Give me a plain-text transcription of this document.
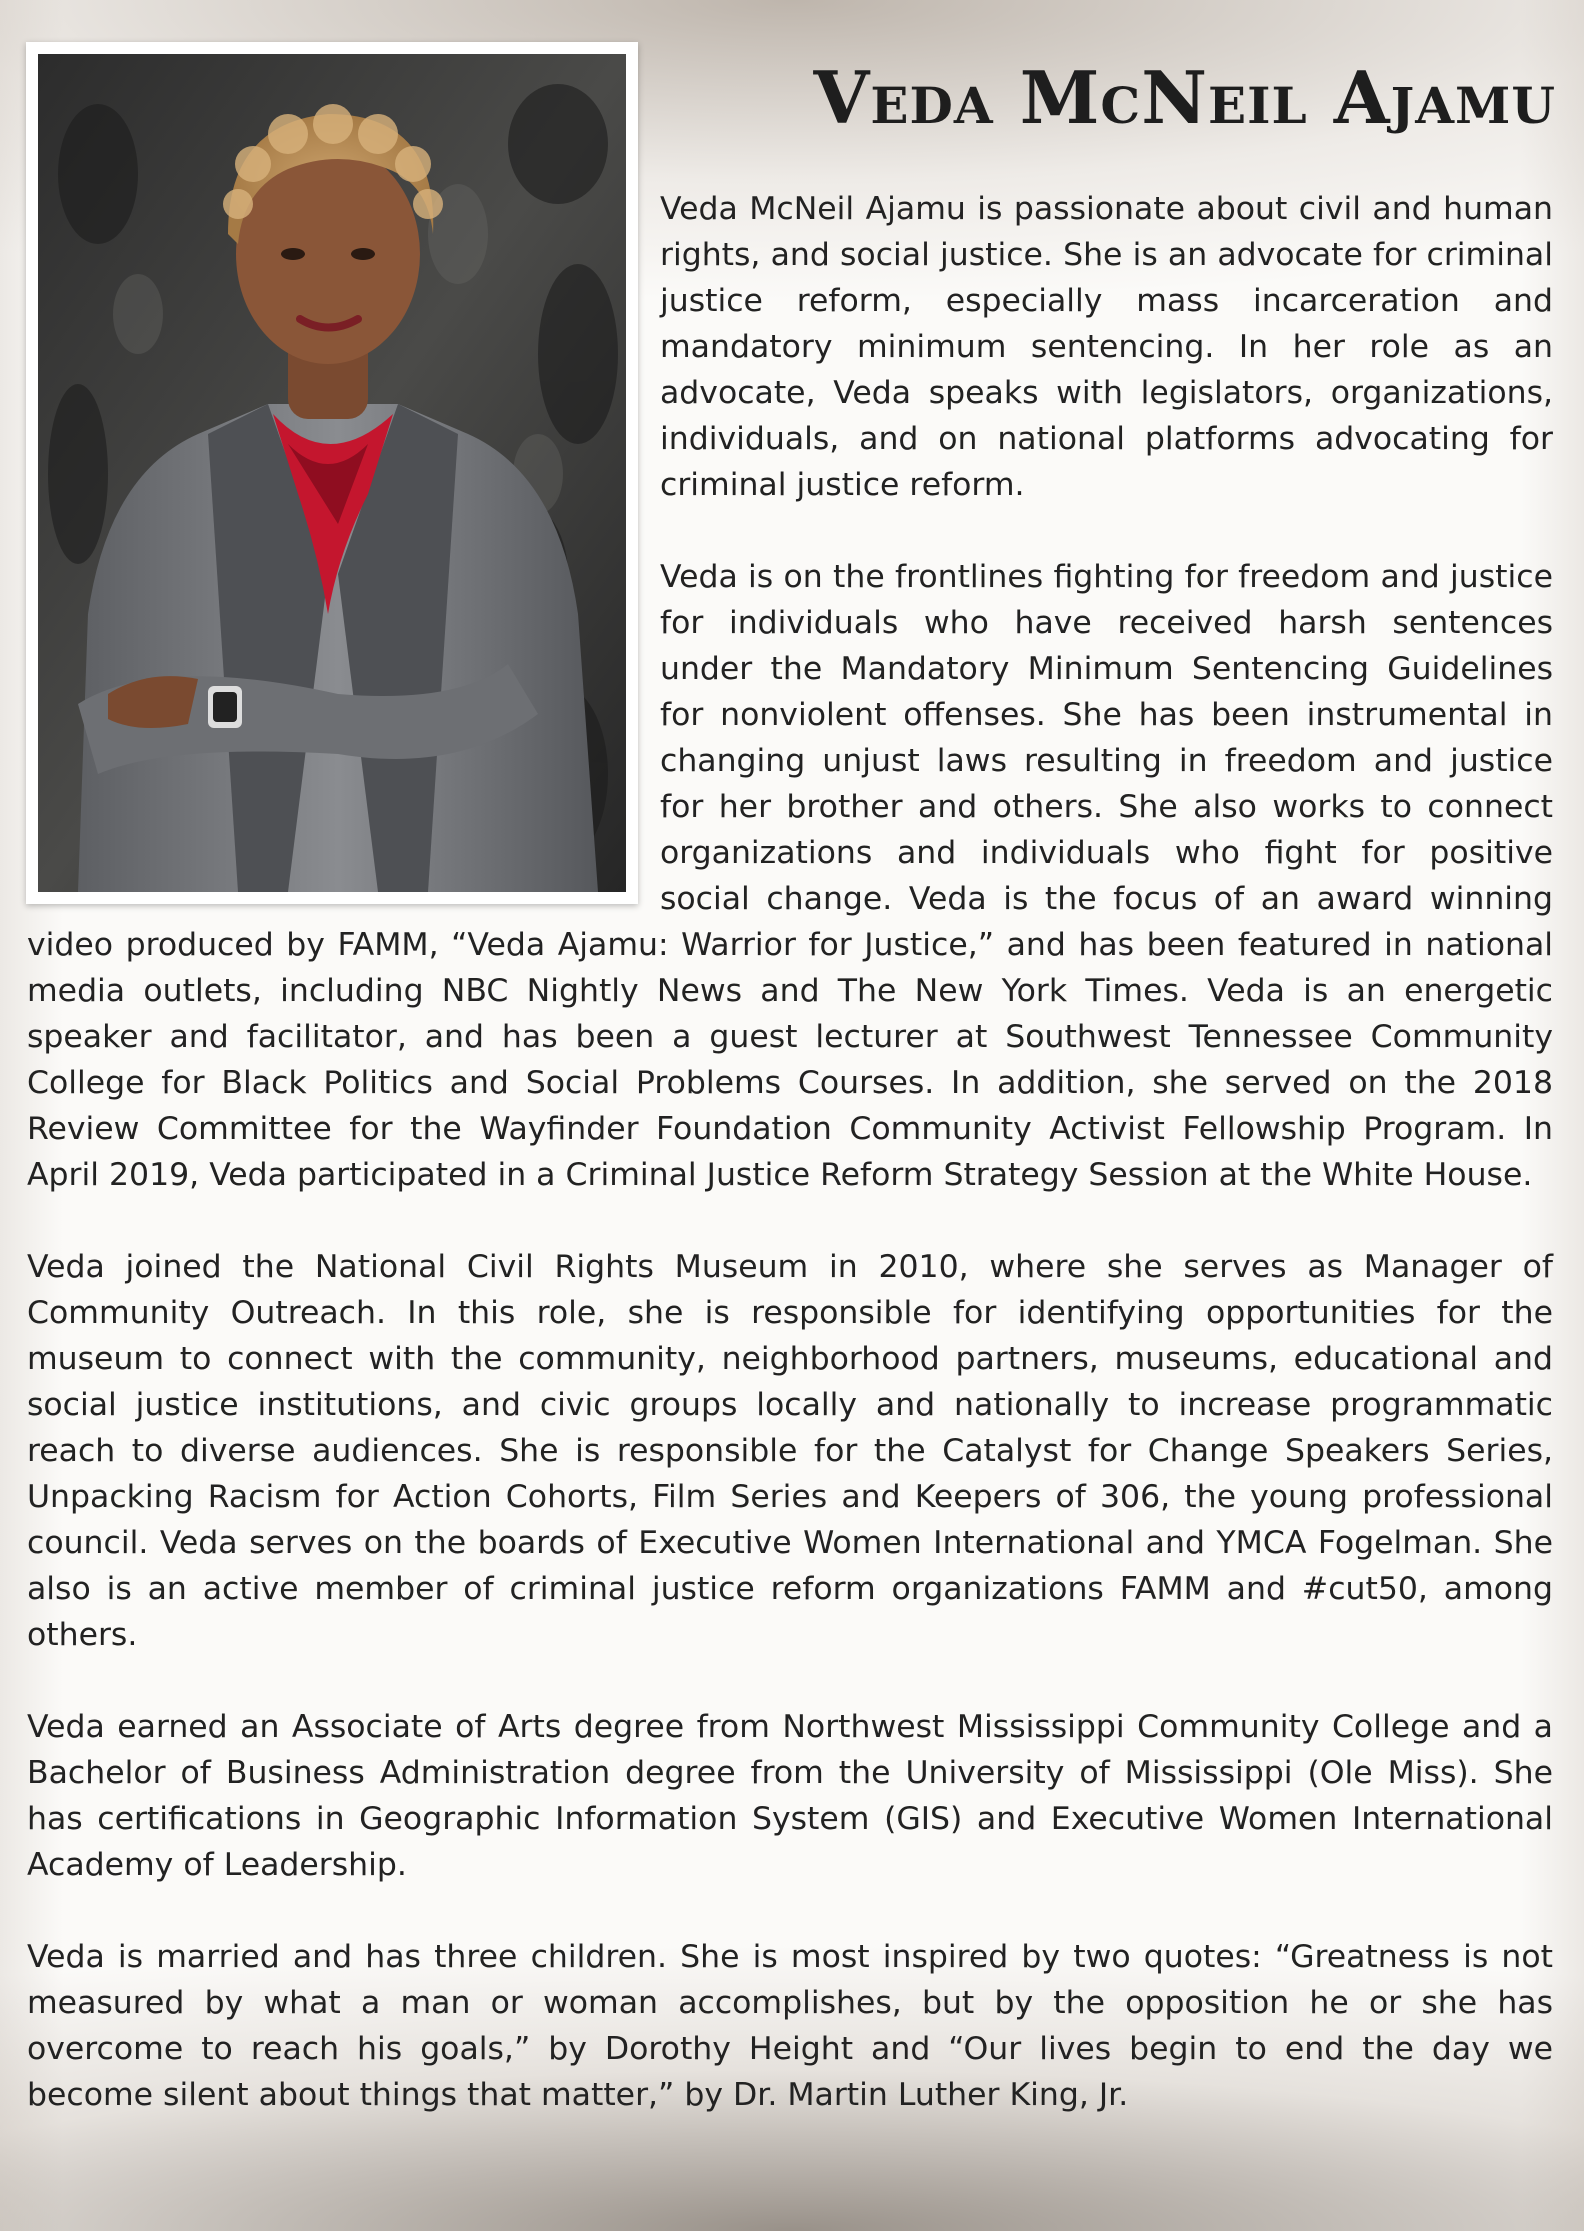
Veda McNeil Ajamu

Veda McNeil Ajamu is passionate about civil and human rights, and social justice. She is an advocate for criminal justice reform, especially mass incarceration and mandatory minimum sentencing. In her role as an advocate, Veda speaks with legislators, organizations, individuals, and on national platforms advocating for criminal justice reform.

Veda is on the frontlines fighting for freedom and justice for individuals who have received harsh sentences under the Mandatory Minimum Sentencing Guidelines for nonviolent offenses. She has been instrumental in changing unjust laws resulting in freedom and justice for her brother and others. She also works to connect organizations and individuals who fight for positive social change. Veda is the focus of an award winning video produced by FAMM, “Veda Ajamu: Warrior for Justice,” and has been featured in national media outlets, including NBC Nightly News and The New York Times. Veda is an energetic speaker and facilitator, and has been a guest lecturer at Southwest Tennessee Community College for Black Politics and Social Problems Courses. In addition, she served on the 2018 Review Committee for the Wayfinder Foundation Community Activist Fellowship Program. In April 2019, Veda participated in a Criminal Justice Reform Strategy Session at the White House.

Veda joined the National Civil Rights Museum in 2010, where she serves as Manager of Community Outreach. In this role, she is responsible for identifying opportunities for the museum to connect with the community, neighborhood partners, museums, educational and social justice institutions, and civic groups locally and nationally to increase programmatic reach to diverse audiences. She is responsible for the Catalyst for Change Speakers Series, Unpacking Racism for Action Cohorts, Film Series and Keepers of 306, the young professional council. Veda serves on the boards of Executive Women International and YMCA Fogelman. She also is an active member of criminal justice reform organizations FAMM and #cut50, among others.

Veda earned an Associate of Arts degree from Northwest Mississippi Community College and a Bachelor of Business Administration degree from the University of Mississippi (Ole Miss). She has certifications in Geographic Information System (GIS) and Executive Women International Academy of Leadership.

Veda is married and has three children. She is most inspired by two quotes: “Greatness is not measured by what a man or woman accomplishes, but by the opposition he or she has overcome to reach his goals,” by Dorothy Height and “Our lives begin to end the day we become silent about things that matter,” by Dr. Martin Luther King, Jr.
